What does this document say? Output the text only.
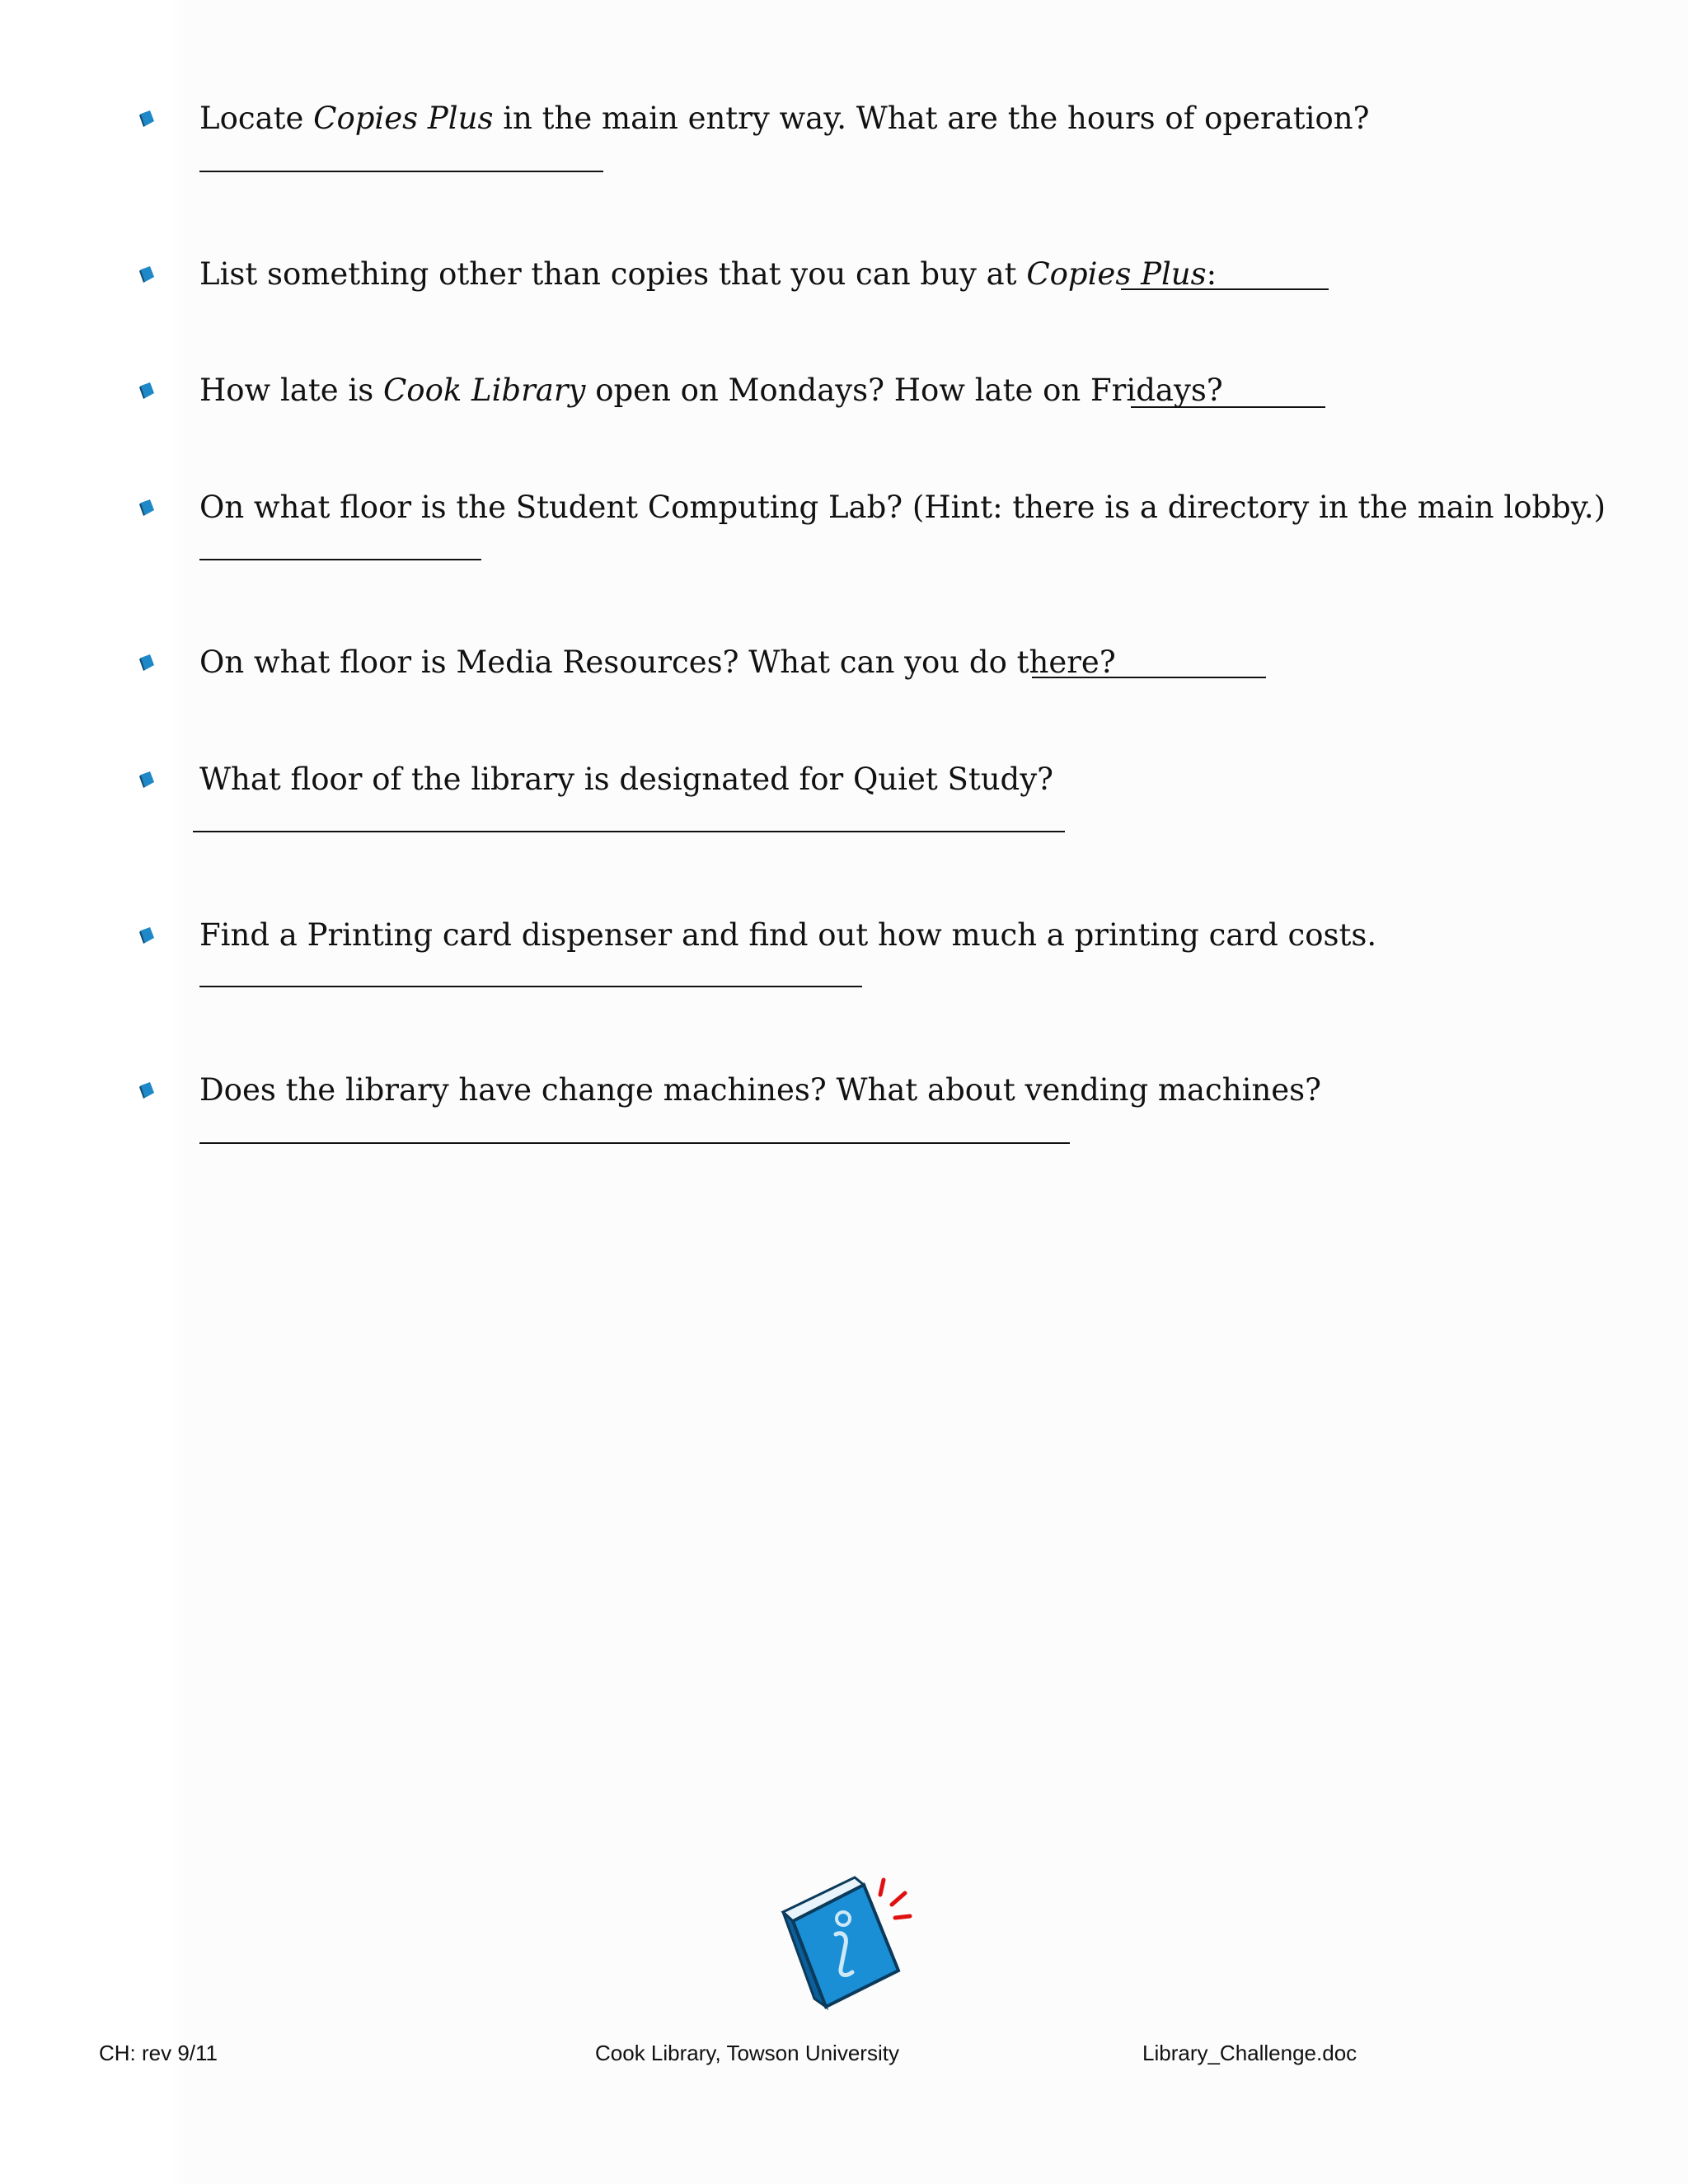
Locate Copies Plus in the main entry way. What are the hours of operation?
List something other than copies that you can buy at Copies Plus:
How late is Cook Library open on Mondays? How late on Fridays?
On what floor is the Student Computing Lab? (Hint: there is a directory in the main lobby.)
On what floor is Media Resources? What can you do there?
What floor of the library is designated for Quiet Study?
Find a Printing card dispenser and find out how much a printing card costs.
Does the library have change machines? What about vending machines?
CH: rev 9/11	Cook Library, Towson University	Library_Challenge.doc
